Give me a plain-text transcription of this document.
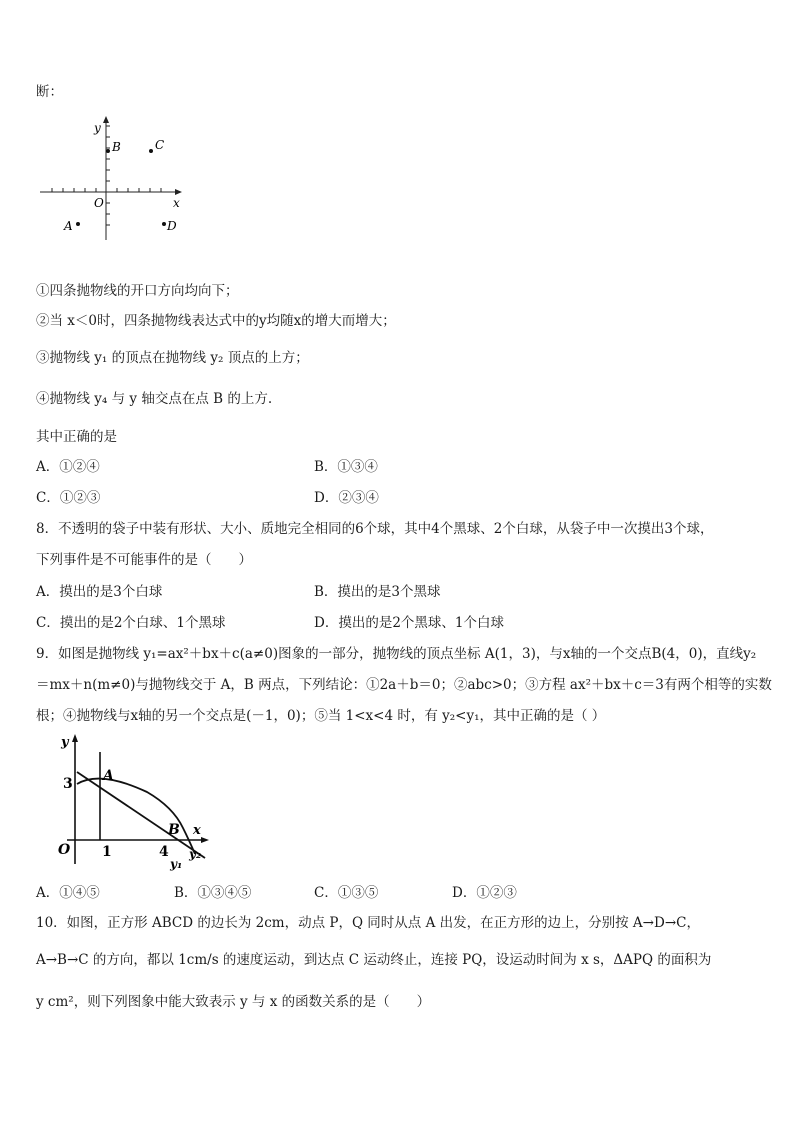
断：
y
x
O
B	C
A	D
①四条抛物线的开口方向均向下；
②当 x＜0时，四条抛物线表达式中的y均随x的增大而增大；
③抛物线 y₁ 的顶点在抛物线 y₂ 顶点的上方；
④抛物线 y₄ 与 y 轴交点在点 B 的上方.
其中正确的是
A．①②④	B．①③④
C．①②③	D．②③④
8．不透明的袋子中装有形状、大小、质地完全相同的6个球，其中4个黑球、2个白球，从袋子中一次摸出3个球，
下列事件是不可能事件的是（　　）
A．摸出的是3个白球	B．摸出的是3个黑球
C．摸出的是2个白球、1个黑球	D．摸出的是2个黑球、1个白球
9．如图是抛物线 y₁=ax²＋bx＋c(a≠0)图象的一部分，抛物线的顶点坐标 A(1，3)，与x轴的一个交点B(4，0)，直线y₂
＝mx＋n(m≠0)与抛物线交于 A，B 两点，下列结论：①2a＋b＝0；②abc>0；③方程 ax²＋bx＋c＝3有两个相等的实数
根；④抛物线与x轴的另一个交点是(－1，0)；⑤当 1<x<4 时，有 y₂<y₁，其中正确的是（ ）
y
x
O
3
1	4
A
B
y₁
y₂
A．①④⑤	B．①③④⑤	C．①③⑤	D．①②③
10．如图，正方形 ABCD 的边长为 2cm，动点 P，Q 同时从点 A 出发，在正方形的边上，分别按 A→D→C，
A→B→C 的方向，都以 1cm/s 的速度运动，到达点 C 运动终止，连接 PQ，设运动时间为 x s，ΔAPQ 的面积为
y cm²，则下列图象中能大致表示 y 与 x 的函数关系的是（　　）
